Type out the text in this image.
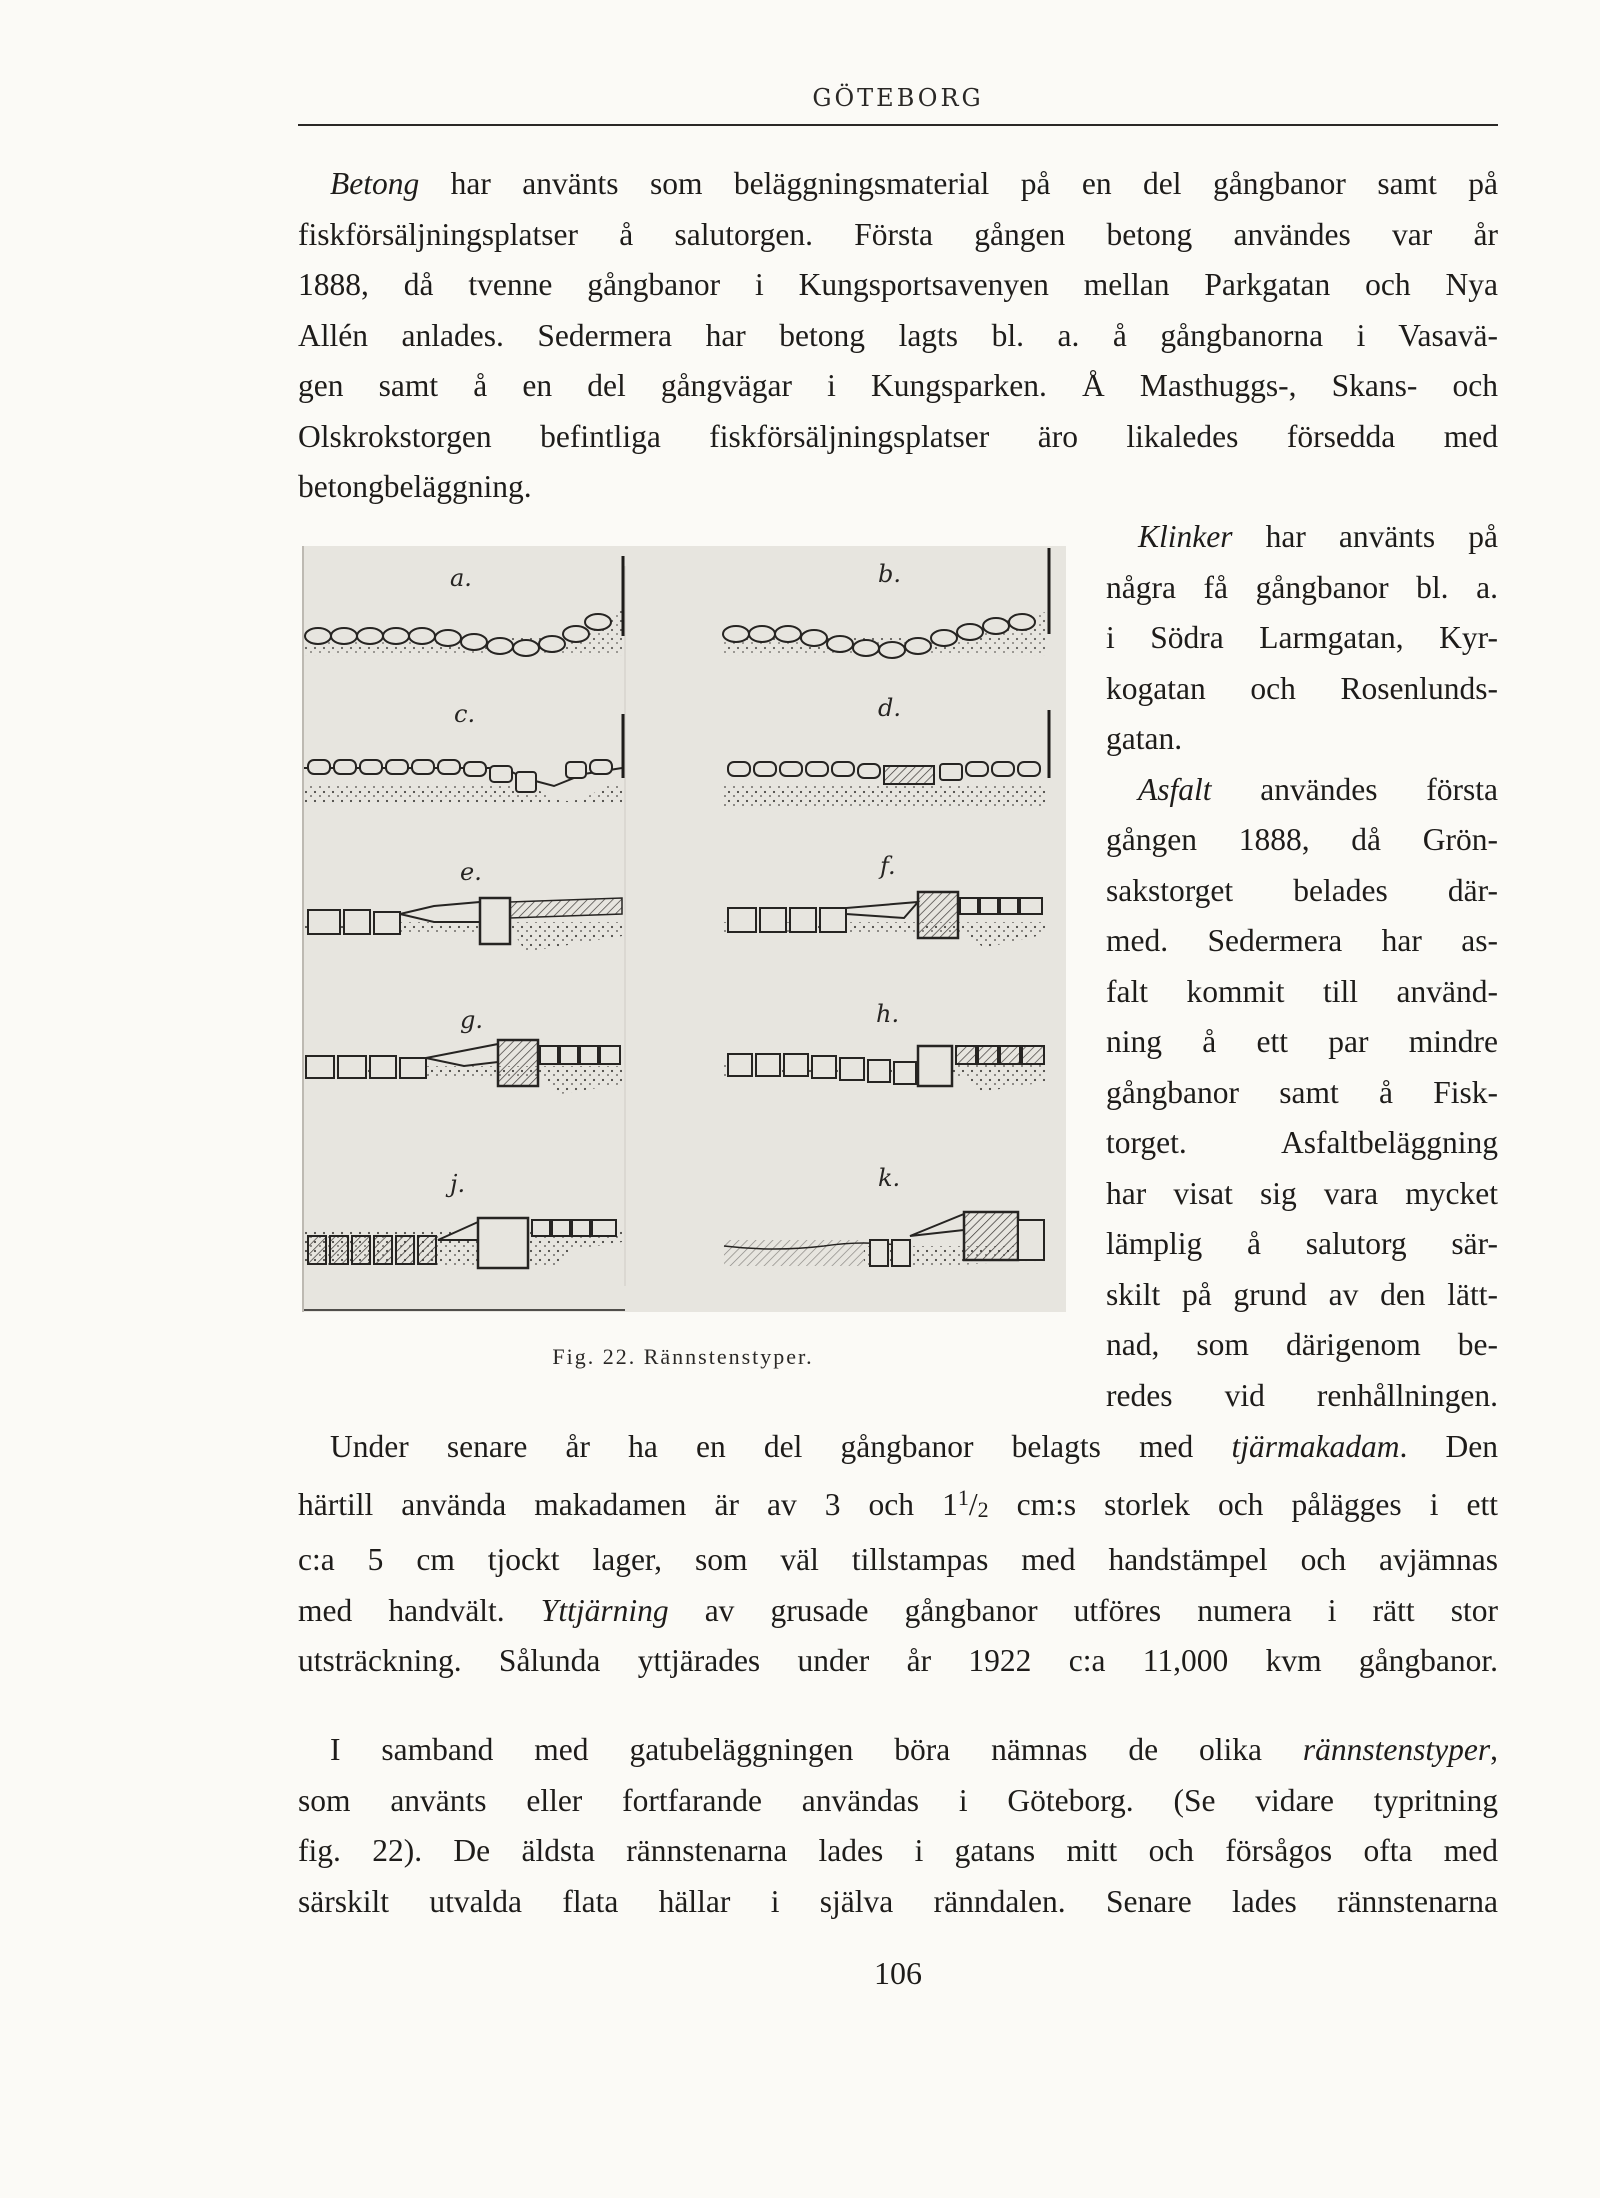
GÖTEBORG
Betong har använts som beläggningsmaterial på en del gångbanor samt på
fiskförsäljningsplatser å salutorgen. Första gången betong användes var år
1888, då tvenne gångbanor i Kungsportsavenyen mellan Parkgatan och Nya
Allén anlades. Sedermera har betong lagts bl. a. å gångbanorna i Vasavä-
gen samt å en del gångvägar i Kungsparken. Å Masthuggs-, Skans- och
Olskrokstorgen befintliga fiskförsäljningsplatser äro likaledes försedda med
betongbeläggning.
a.	b.
c.	d.
e.	f.
g.	h.
j.	k.
Fig. 22. Rännstenstyper.
Klinker har använts på
några få gångbanor bl. a.
i Södra Larmgatan, Kyr-
kogatan och Rosenlunds-
gatan.
Asfalt användes första
gången 1888, då Grön-
sakstorget belades där-
med. Sedermera har as-
falt kommit till använd-
ning å ett par mindre
gångbanor samt å Fisk-
torget. Asfaltbeläggning
har visat sig vara mycket
lämplig å salutorg sär-
skilt på grund av den lätt-
nad, som därigenom be-
redes vid renhållningen.
Under senare år ha en del gångbanor belagts med tjärmakadam. Den
härtill använda makadamen är av 3 och $1^1/2$ cm:s storlek och pålägges i ett
c:a 5 cm tjockt lager, som väl tillstampas med handstämpel och avjämnas
med handvält. Yttjärning av grusade gångbanor utföres numera i rätt stor
utsträckning. Sålunda yttjärades under år 1922 c:a 11,000 kvm gångbanor.
I samband med gatubeläggningen böra nämnas de olika rännstenstyper,
som använts eller fortfarande användas i Göteborg. (Se vidare typritning
fig. 22). De äldsta rännstenarna lades i gatans mitt och försågos ofta med
särskilt utvalda flata hällar i själva ränndalen. Senare lades rännstenarna
106
